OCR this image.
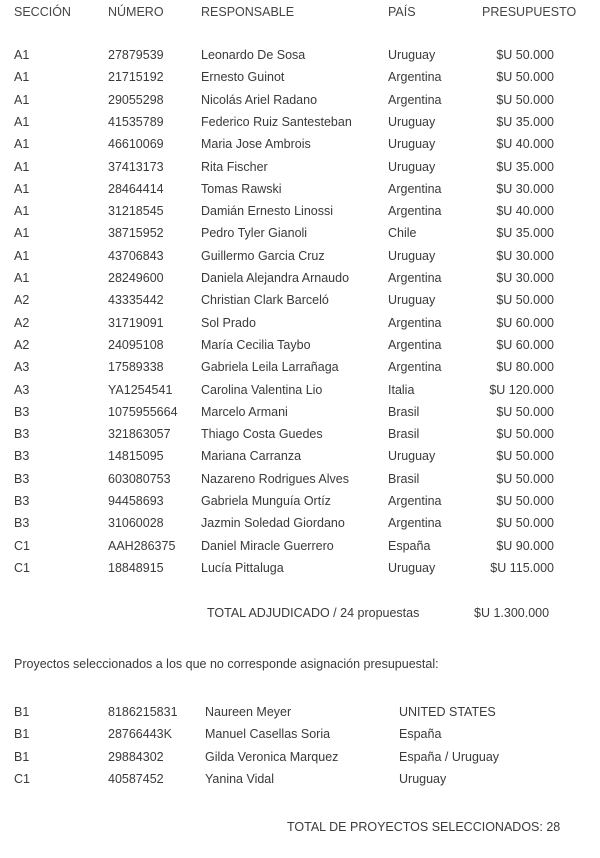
SECCIÓN	NÚMERO	RESPONSABLE	PAÍS	PRESUPUESTO
A1	27879539	Leonardo De Sosa	Uruguay	$U 50.000
A1	21715192	Ernesto Guinot	Argentina	$U 50.000
A1	29055298	Nicolás Ariel Radano	Argentina	$U 50.000
A1	41535789	Federico Ruiz Santesteban	Uruguay	$U 35.000
A1	46610069	Maria Jose Ambrois	Uruguay	$U 40.000
A1	37413173	Rita Fischer	Uruguay	$U 35.000
A1	28464414	Tomas Rawski	Argentina	$U 30.000
A1	31218545	Damián Ernesto Linossi	Argentina	$U 40.000
A1	38715952	Pedro Tyler Gianoli	Chile	$U 35.000
A1	43706843	Guillermo Garcia Cruz	Uruguay	$U 30.000
A1	28249600	Daniela Alejandra Arnaudo	Argentina	$U 30.000
A2	43335442	Christian Clark Barceló	Uruguay	$U 50.000
A2	31719091	Sol Prado	Argentina	$U 60.000
A2	24095108	María Cecilia Taybo	Argentina	$U 60.000
A3	17589338	Gabriela Leila Larrañaga	Argentina	$U 80.000
A3	YA1254541 Carolina Valentina Lio	Italia	$U 120.000
B3	1075955664 Marcelo Armani	Brasil	$U 50.000
B3	321863057 Thiago Costa Guedes	Brasil	$U 50.000
B3	14815095	Mariana Carranza	Uruguay	$U 50.000
B3	603080753 Nazareno Rodrigues Alves	Brasil	$U 50.000
B3	94458693	Gabriela Munguía Ortíz	Argentina	$U 50.000
B3	31060028	Jazmin Soledad Giordano	Argentina	$U 50.000
C1	AAH286375 Daniel Miracle Guerrero	España	$U 90.000
C1	18848915	Lucía Pittaluga	Uruguay	$U 115.000
TOTAL ADJUDICADO / 24 propuestas	$U 1.300.000
Proyectos seleccionados a los que no corresponde asignación presupuestal:
B1	8186215831 Naureen Meyer	UNITED STATES
B1	28766443K	Manuel Casellas Soria	España
B1	29884302	Gilda Veronica Marquez	España / Uruguay
C1	40587452	Yanina Vidal	Uruguay
TOTAL DE PROYECTOS SELECCIONADOS: 28
